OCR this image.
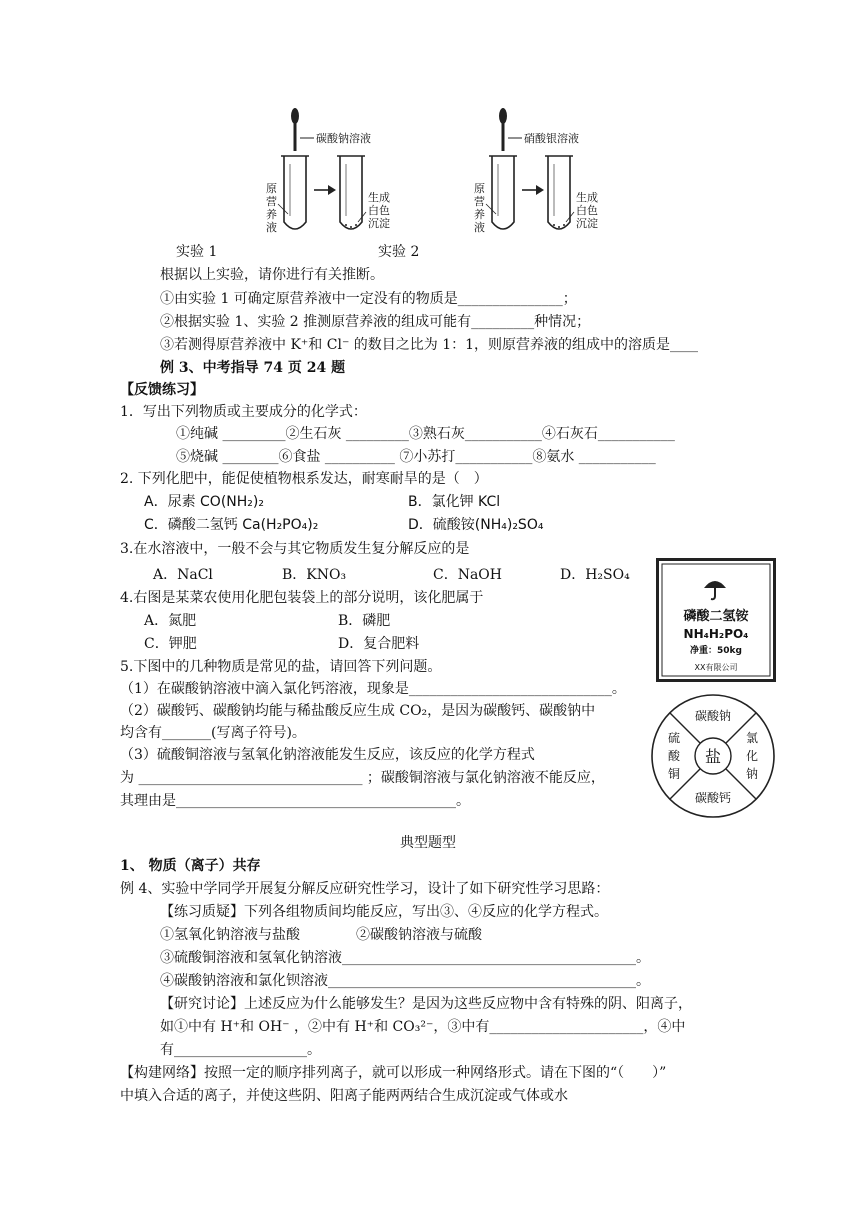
碳酸钠溶液
原
营
养
液
生成
白色
沉淀
硝酸银溶液
原
营
养
液
生成
白色
沉淀
实验 1	实验 2
根据以上实验，请你进行有关推断。
①由实验 1 可确定原营养液中一定没有的物质是_______________；
②根据实验 1、实验 2 推测原营养液的组成可能有_________种情况；
③若测得原营养液中 K⁺和 Cl⁻ 的数目之比为 1：1，则原营养液的组成中的溶质是____
例 3、中考指导 74 页 24 题
【反馈练习】
1．写出下列物质或主要成分的化学式：
①纯碱 _________②生石灰 _________③熟石灰___________④石灰石___________
⑤烧碱 ________⑥食盐 __________ ⑦小苏打___________⑧氨水 ___________
2. 下列化肥中，能促使植物根系发达，耐寒耐旱的是（　）
A．尿素 CO(NH₂)₂	B．氯化钾 KCl
C．磷酸二氢钙 Ca(H₂PO₄)₂	D．硫酸铵(NH₄)₂SO₄
3.在水溶液中，一般不会与其它物质发生复分解反应的是
A．NaCl	B．KNO₃	C．NaOH	D．H₂SO₄
4.右图是某菜农使用化肥包装袋上的部分说明，该化肥属于
A．氮肥	B．磷肥
C．钾肥	D．复合肥料
磷酸二氢铵
NH₄H₂PO₄
净重：50kg
XX有限公司
5.下图中的几种物质是常见的盐，请回答下列问题。
（1）在碳酸钠溶液中滴入氯化钙溶液，现象是_____________________________。
（2）碳酸钙、碳酸钠均能与稀盐酸反应生成 CO₂，是因为碳酸钙、碳酸钠中
均含有_______(写离子符号)。
（3）硫酸铜溶液与氢氧化钠溶液能发生反应，该反应的化学方程式
为 ________________________________ ；碳酸铜溶液与氯化钠溶液不能反应，
其理由是________________________________________。
盐
碳酸钠
碳酸钙
硫
酸
铜
氯
化
钠
典型题型
1、 物质（离子）共存
例 4、实验中学同学开展复分解反应研究性学习，设计了如下研究性学习思路：
【练习质疑】下列各组物质间均能反应，写出③、④反应的化学方程式。
①氢氧化钠溶液与盐酸　　　　②碳酸钠溶液与硫酸
③硫酸铜溶液和氢氧化钠溶液__________________________________________。
④碳酸钠溶液和氯化钡溶液____________________________________________。
【研究讨论】上述反应为什么能够发生？是因为这些反应物中含有特殊的阴、阳离子，
如①中有 H⁺和 OH⁻ ，②中有 H⁺和 CO₃²⁻，③中有______________________，④中
有___________________。
【构建网络】按照一定的顺序排列离子，就可以形成一种网络形式。请在下图的“（　　）”
中填入合适的离子，并使这些阴、阳离子能两两结合生成沉淀或气体或水
